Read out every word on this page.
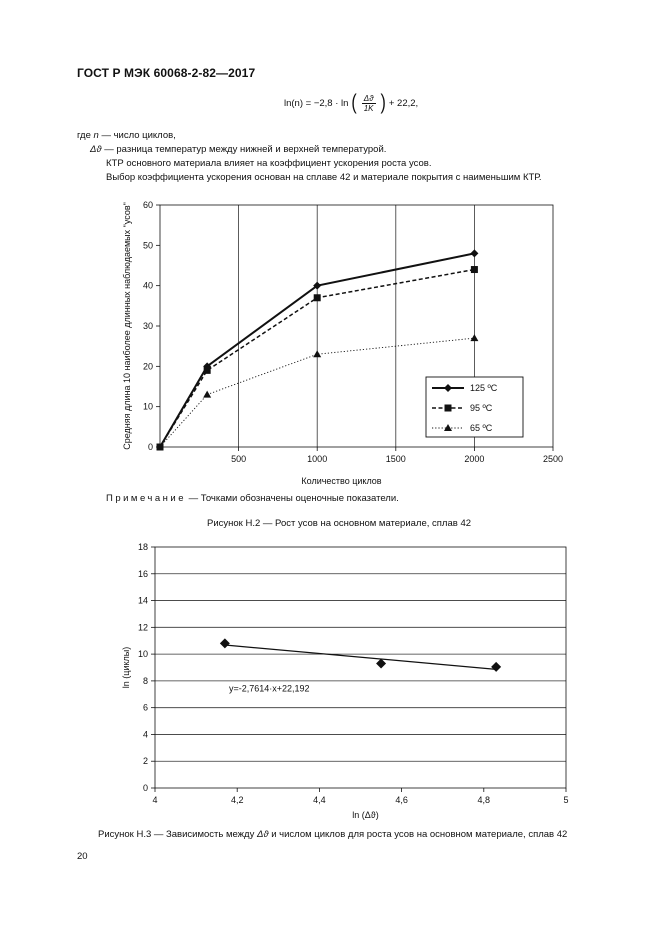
ГОСТ Р МЭК 60068-2-82—2017
ln(n) = −2,8 · ln ( $\frac{\Delta ϑ}{1K}$ ) + 22,2,
где n — число циклов,
Δϑ — разница температур между нижней и верхней температурой.
КТР основного материала влияет на коэффициент ускорения роста усов.
Выбор коэффициента ускорения основан на сплаве 42 и материале покрытия с наименьшим КТР.
0
10
20
30
40
50
60
500	1000	1500	2000	2500
Количество циклов
Средняя длина 10 наиболее длинных наблюдаемых "усов"	125 ºС
95 ºС
65 ºС
Примечание — Точками обозначены оценочные показатели.
Рисунок Н.2 — Рост усов на основном материале, сплав 42
0
2
4
6
8
10
12
14
16
18
4	4,2	4,4	4,6	4,8	5
y=-2,7614·x+22,192
ln (Δϑ)
ln (циклы)
Рисунок Н.3 — Зависимость между Δϑ и числом циклов для роста усов на основном материале, сплав 42
20
